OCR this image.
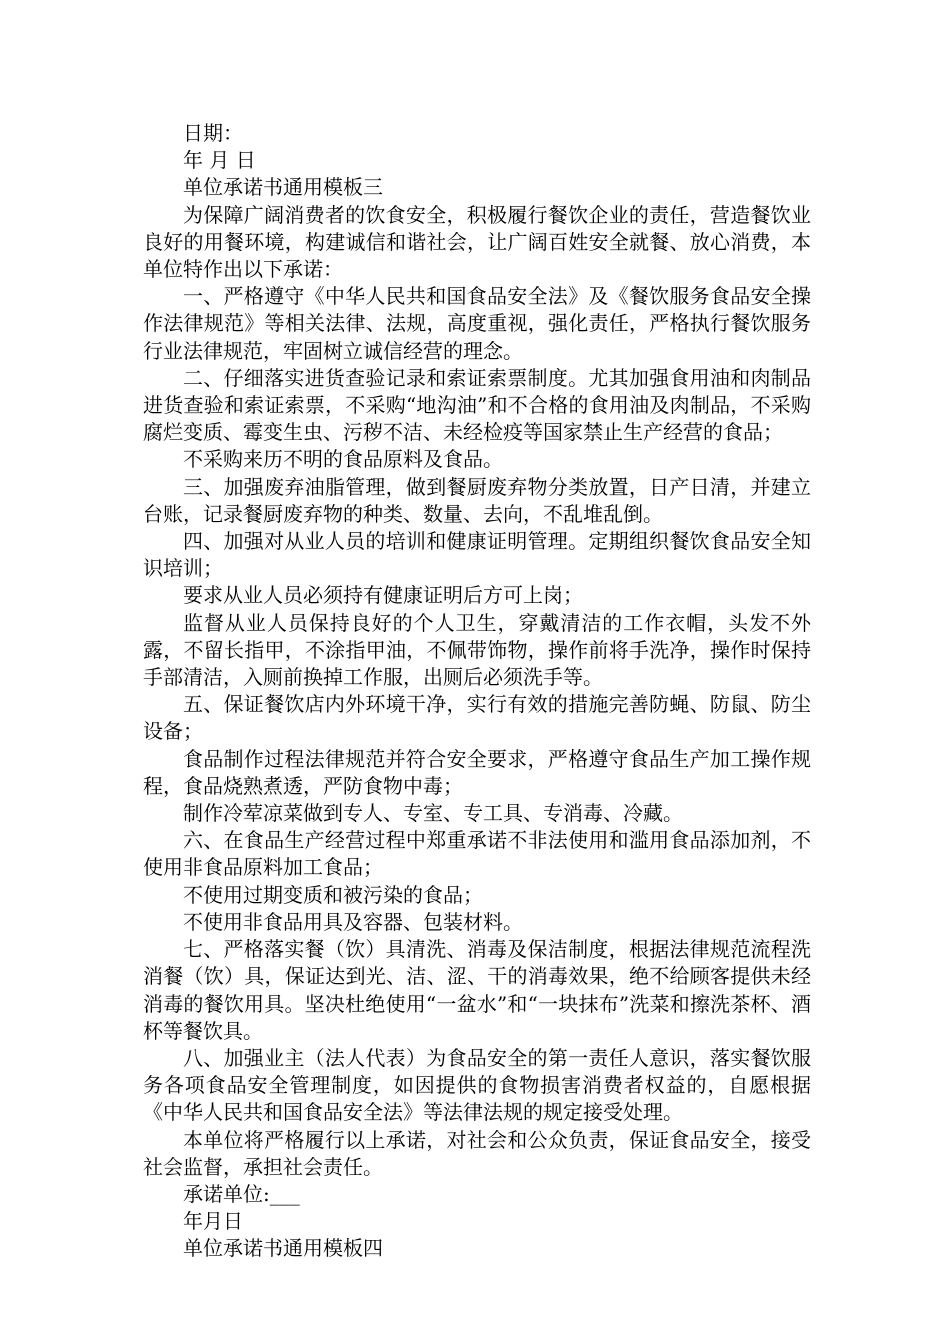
日期：

年 月 日

单位承诺书通用模板三

为保障广阔消费者的饮食安全，积极履行餐饮企业的责任，营造餐饮业良好的用餐环境，构建诚信和谐社会，让广阔百姓安全就餐、放心消费，本单位特作出以下承诺：

一、严格遵守《中华人民共和国食品安全法》及《餐饮服务食品安全操作法律规范》等相关法律、法规，高度重视，强化责任，严格执行餐饮服务行业法律规范，牢固树立诚信经营的理念。

二、仔细落实进货查验记录和索证索票制度。尤其加强食用油和肉制品进货查验和索证索票，不采购“地沟油”和不合格的食用油及肉制品，不采购腐烂变质、霉变生虫、污秽不洁、未经检疫等国家禁止生产经营的食品；

不采购来历不明的食品原料及食品。

三、加强废弃油脂管理，做到餐厨废弃物分类放置，日产日清，并建立台账，记录餐厨废弃物的种类、数量、去向，不乱堆乱倒。

四、加强对从业人员的培训和健康证明管理。定期组织餐饮食品安全知识培训；

要求从业人员必须持有健康证明后方可上岗；

监督从业人员保持良好的个人卫生，穿戴清洁的工作衣帽，头发不外露，不留长指甲，不涂指甲油，不佩带饰物，操作前将手洗净，操作时保持手部清洁，入厕前换掉工作服，出厕后必须洗手等。

五、保证餐饮店内外环境干净，实行有效的措施完善防蝇、防鼠、防尘设备；

食品制作过程法律规范并符合安全要求，严格遵守食品生产加工操作规程，食品烧熟煮透，严防食物中毒；

制作冷荤凉菜做到专人、专室、专工具、专消毒、冷藏。

六、在食品生产经营过程中郑重承诺不非法使用和滥用食品添加剂，不使用非食品原料加工食品；

不使用过期变质和被污染的食品；

不使用非食品用具及容器、包装材料。

七、严格落实餐（饮）具清洗、消毒及保洁制度，根据法律规范流程洗消餐（饮）具，保证达到光、洁、涩、干的消毒效果，绝不给顾客提供未经消毒的餐饮用具。坚决杜绝使用“一盆水”和“一块抹布”洗菜和擦洗茶杯、酒杯等餐饮具。

八、加强业主（法人代表）为食品安全的第一责任人意识，落实餐饮服务各项食品安全管理制度，如因提供的食物损害消费者权益的，自愿根据《中华人民共和国食品安全法》等法律法规的规定接受处理。

本单位将严格履行以上承诺，对社会和公众负责，保证食品安全，接受社会监督，承担社会责任。

承诺单位:___

年月日

单位承诺书通用模板四
